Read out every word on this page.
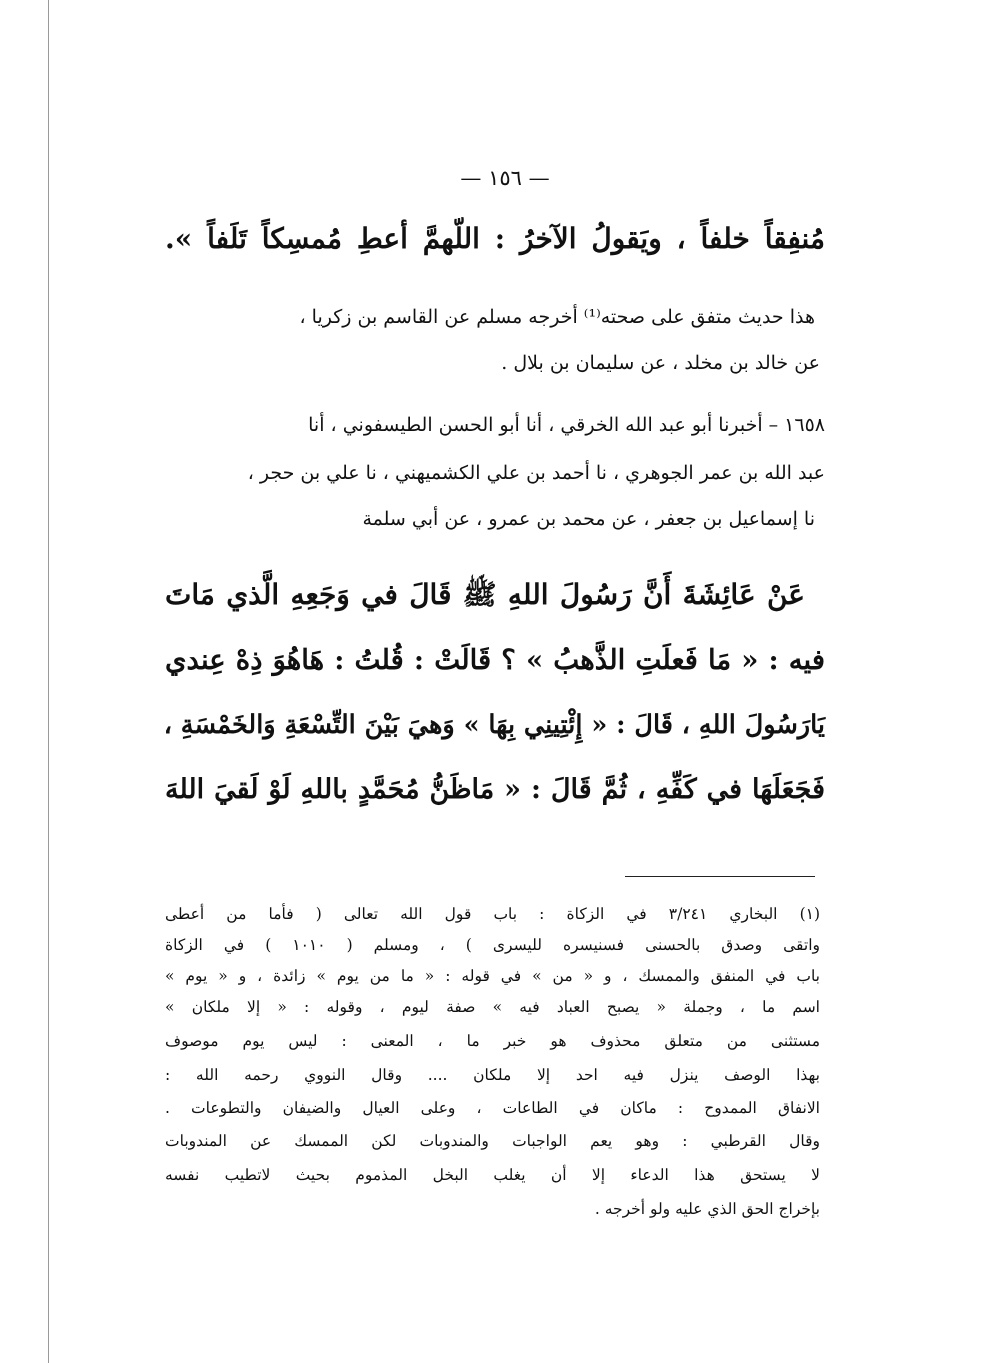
— ١٥٦ —

مُنفِقاً خلفاً ، ويَقولُ الآخرُ : اللّهمَّ أعطِ مُمسِكاً تَلَفاً ».

هذا حديث متفق على صحته⁽¹⁾ أخرجه مسلم عن القاسم بن زكريا ،

عن خالد بن مخلد ، عن سليمان بن بلال .

١٦٥٨ – أخبرنا أبو عبد الله الخرقي ، أنا أبو الحسن الطيسفوني ، أنا

عبد الله بن عمر الجوهري ، نا أحمد بن علي الكشميهني ، نا علي بن حجر ،

نا إسماعيل بن جعفر ، عن محمد بن عمرو ، عن أبي سلمة

عَنْ عَائِشَةَ أَنَّ رَسُولَ اللهِ ﷺ قَالَ في وَجَعِهِ الَّذي مَاتَ

فيه : « مَا فَعلَتِ الذَّهبُ » ؟ قَالَتْ : قُلتُ : هَاهُوَ ذِهْ عِندي

يَارَسُولَ اللهِ ، قَالَ : « إِئْتِينِي بِهَا » وَهيَ بَيْنَ التِّسْعَةِ وَالخَمْسَةِ ،

فَجَعَلَهَا في كَفِّهِ ، ثُمَّ قَالَ : « مَاظَنُّ مُحَمَّدٍ باللهِ لَوْ لَقيَ اللهَ

(١) البخاري ٣/٢٤١ في الزكاة : باب قول الله تعالى ( فأما من أعطى

واتقى وصدق بالحسنى فسنيسره لليسرى ) ، ومسلم ( ١٠١٠ ) في الزكاة

باب في المنفق والممسك ، و « من » في قوله : « ما من يوم » زائدة ، و « يوم »

اسم ما ، وجملة « يصبح العباد فيه » صفة ليوم ، وقوله : « إلا ملكان »

مستثنى من متعلق محذوف هو خبر ما ، المعنى : ليس يوم موصوف

بهذا الوصف ينزل فيه احد إلا ملكان .... وقال النووي رحمه الله :

الانفاق الممدوح : ماكان في الطاعات ، وعلى العيال والضيفان والتطوعات .

وقال القرطبي : وهو يعم الواجبات والمندوبات لكن الممسك عن المندوبات

لا يستحق هذا الدعاء إلا أن يغلب البخل المذموم بحيث لاتطيب نفسه

بإخراج الحق الذي عليه ولو أخرجه .
